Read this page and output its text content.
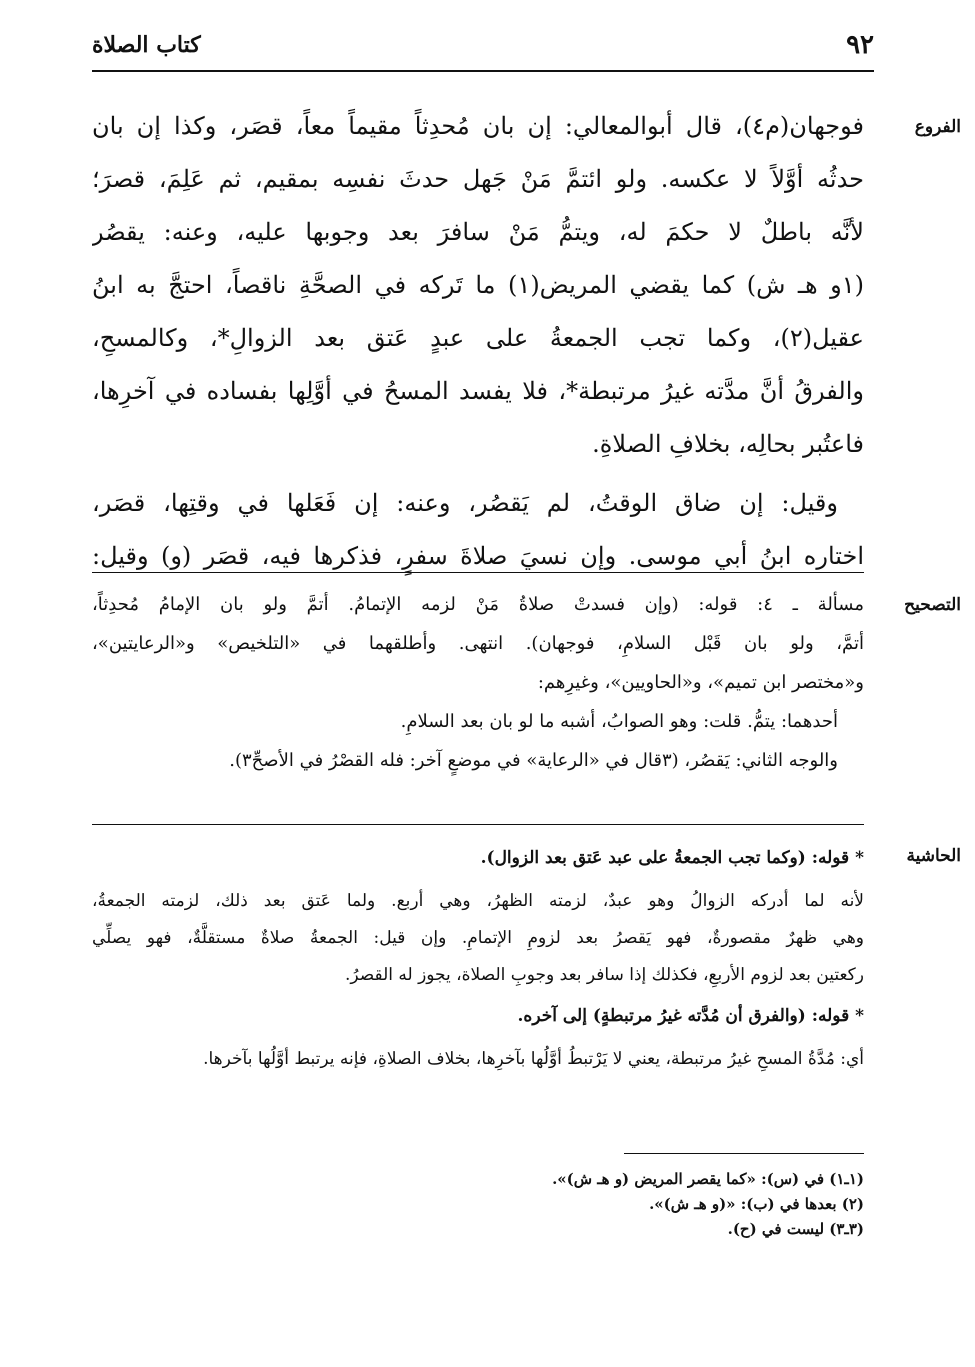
٩٢
كتاب الصلاة
الفروع
التصحيح
الحاشية
فوجهان(م٤)، قال أبوالمعالي: إن بان مُحدِثاً مقيماً معاً، قصَر، وكذا إن بان
حدثُه أوَّلاً لا عكسه. ولو ائتمَّ مَنْ جَهل حدثَ نفسِه بمقيم، ثم عَلِمَ، قصرَ؛
لأنَّه باطلٌ لا حكمَ له، ويتمُّ مَنْ سافرَ بعد وجوبها عليه، وعنه: يقصُر
(١و هـ ش) كما يقضي المريض(١) ما تَركه في الصحَّةِ ناقصاً، احتجَّ به ابنُ
عقيل(٢)، وكما تجب الجمعةُ على عبدٍ عَتق بعد الزوالِ*، وكالمسحِ،
والفرقُ أنَّ مدَّته غيرُ مرتبطة*، فلا يفسد المسحُ في أوَّلِها بفساده في آخرِها،
فاعتُبر بحالِه، بخلافِ الصلاةِ.
وقيل: إن ضاق الوقتُ، لم يَقصُر، وعنه: إن فَعَلها في وقتِها، قصَر،
اختاره ابنُ أبي موسى. وإن نسيَ صلاةَ سفرٍ، فذكرها فيه، قصَر (و) وقيل:
مسألة ـ ٤: قوله: (وإن فسدتْ صلاةُ مَنْ لزمه الإتمامُ. أتمَّ ولو بان الإمامُ مُحدِثاً،
أتمَّ، ولو بان قَبْل السلامِ، فوجهان). انتهى. وأطلقهما في «التلخيص» و«الرعايتين»،
و«مختصر ابن تميم»، و«الحاويين»، وغيرِهم:
أحدهما: يتمُّ. قلت: وهو الصوابُ، أشبه ما لو بان بعد السلامِ.
والوجه الثاني: يَقصُر، (٣قال في «الرعاية» في موضعٍ آخر: فله القصْرُ في الأصحِّ٣).
* قوله: (وكما تجب الجمعةُ على عبد عَتق بعد الزوال).
لأنه لما أدركه الزوالُ وهو عبدٌ، لزمته الظهرُ، وهي أربع. ولما عَتق بعد ذلك، لزمته الجمعةُ،
وهي ظهرٌ مقصورةٌ، فهو يَقصرُ بعد لزومِ الإتمامِ. وإن قيل: الجمعةُ صلاةٌ مستقلَّةٌ، فهو يصلِّي
ركعتين بعد لزوم الأربعِ، فكذلك إذا سافر بعد وجوبِ الصلاة، يجوز له القصرُ.
* قوله: (والفرق أن مُدَّته غيرُ مرتبطةٍ) إلى آخره.
أي: مُدَّةُ المسحِ غيرُ مرتبطة، يعني لا يَرْتبطُ أوَّلُها بآخرِها، بخلاف الصلاةِ، فإنه يرتبط أوَّلُها بآخرها.
(١ـ١) في (س): «كما يقصر المريض (و هـ ش)».
(٢) بعدها في (ب): «(و هـ ش)».
(٣ـ٣) ليست في (ح).
